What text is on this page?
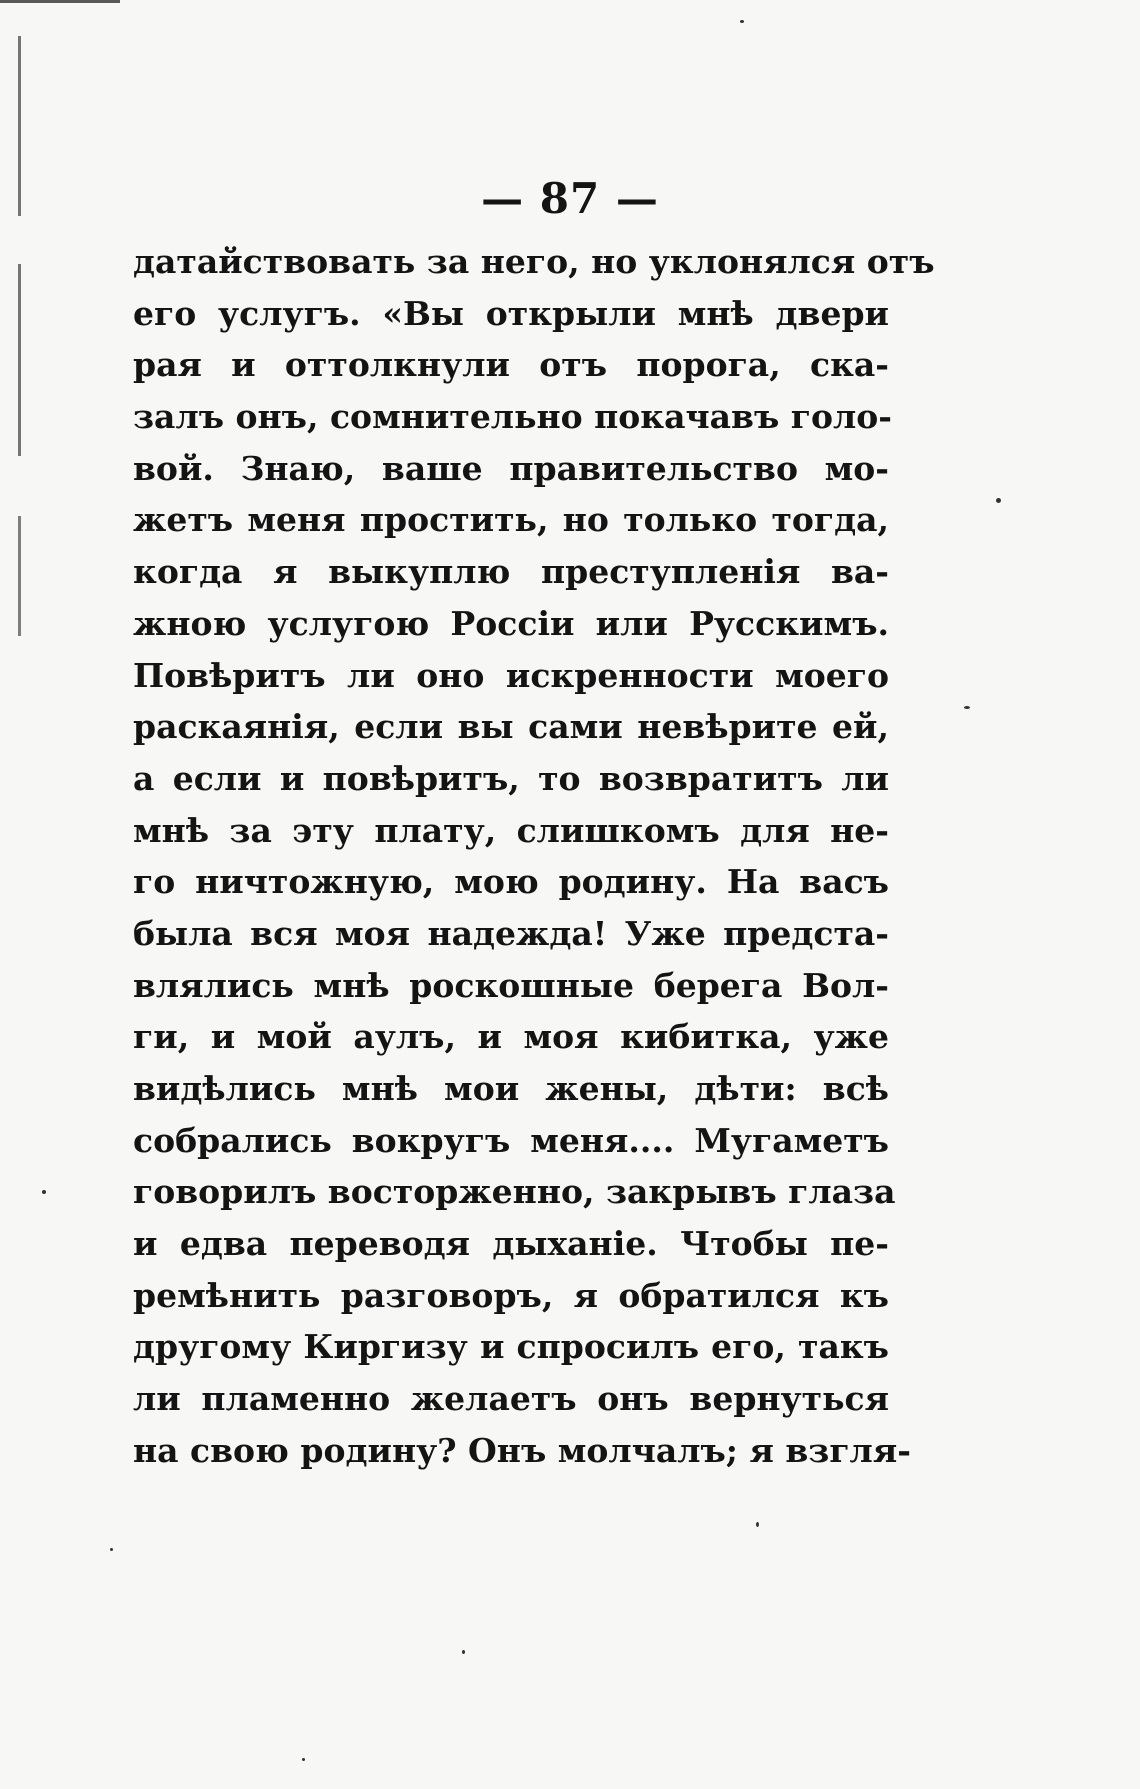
— 87 —
датайствовать за него, но уклонялся отъ
его услугъ. «Вы открыли мнѣ двери
рая и оттолкнули отъ порога, ска-
залъ онъ, сомнительно покачавъ голо-
вой. Знаю, ваше правительство мо-
жетъ меня простить, но только тогда,
когда я выкуплю преступленія ва-
жною услугою Россіи или Русскимъ.
Повѣритъ ли оно искренности моего
раскаянія, если вы сами невѣрите ей,
а если и повѣритъ, то возвратитъ ли
мнѣ за эту плату, слишкомъ для не-
го ничтожную, мою родину. На васъ
была вся моя надежда! Уже предста-
влялись мнѣ роскошные берега Вол-
ги, и мой аулъ, и моя кибитка, уже
видѣлись мнѣ мои жены, дѣти: всѣ
собрались вокругъ меня.... Мугаметъ
говорилъ восторженно, закрывъ глаза
и едва переводя дыханіе. Чтобы пе-
ремѣнить разговоръ, я обратился къ
другому Киргизу и спросилъ его, такъ
ли пламенно желаетъ онъ вернуться
на свою родину? Онъ молчалъ; я взгля-
